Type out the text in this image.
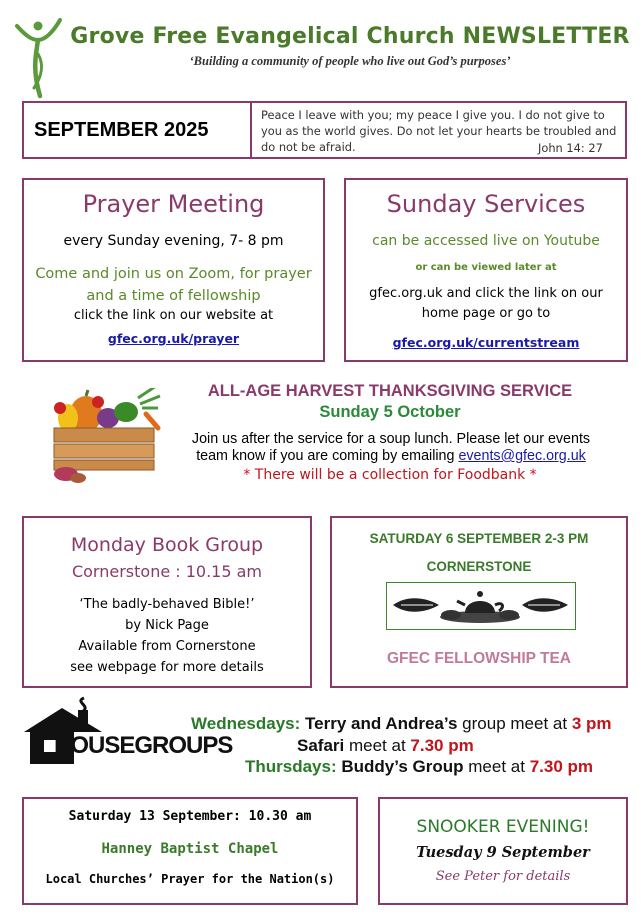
Grove Free Evangelical Church NEWSLETTER
‘Building a community of people who live out God’s purposes’
SEPTEMBER 2025
Peace I leave with you; my peace I give you. I do not give to you as the world gives. Do not let your hearts be troubled and do not be afraid.	John 14: 27
Prayer Meeting
every Sunday evening, 7- 8 pm
Come and join us on Zoom, for prayer and a time of fellowship
click the link on our website at
gfec.org.uk/prayer
Sunday Services
can be accessed live on Youtube
or can be viewed later at
gfec.org.uk and click the link on our home page or go to
gfec.org.uk/currentstream
ALL-AGE HARVEST THANKSGIVING SERVICE
Sunday 5 October
Join us after the service for a soup lunch. Please let our events team know if you are coming by emailing events@gfec.org.uk
* There will be a collection for Foodbank *
Monday Book Group
Cornerstone : 10.15 am
‘The badly-behaved Bible!’
by Nick Page
Available from Cornerstone
see webpage for more details
SATURDAY 6 SEPTEMBER 2-3 PM
CORNERSTONE
GFEC FELLOWSHIP TEA
HOUSEGROUPS
Wednesdays: Terry and Andrea’s group meet at 3 pm
Safari meet at 7.30 pm
Thursdays: Buddy’s Group meet at 7.30 pm
Saturday 13 September: 10.30 am
Hanney Baptist Chapel
Local Churches’ Prayer for the Nation(s)
SNOOKER EVENING!
Tuesday 9 September
See Peter for details
